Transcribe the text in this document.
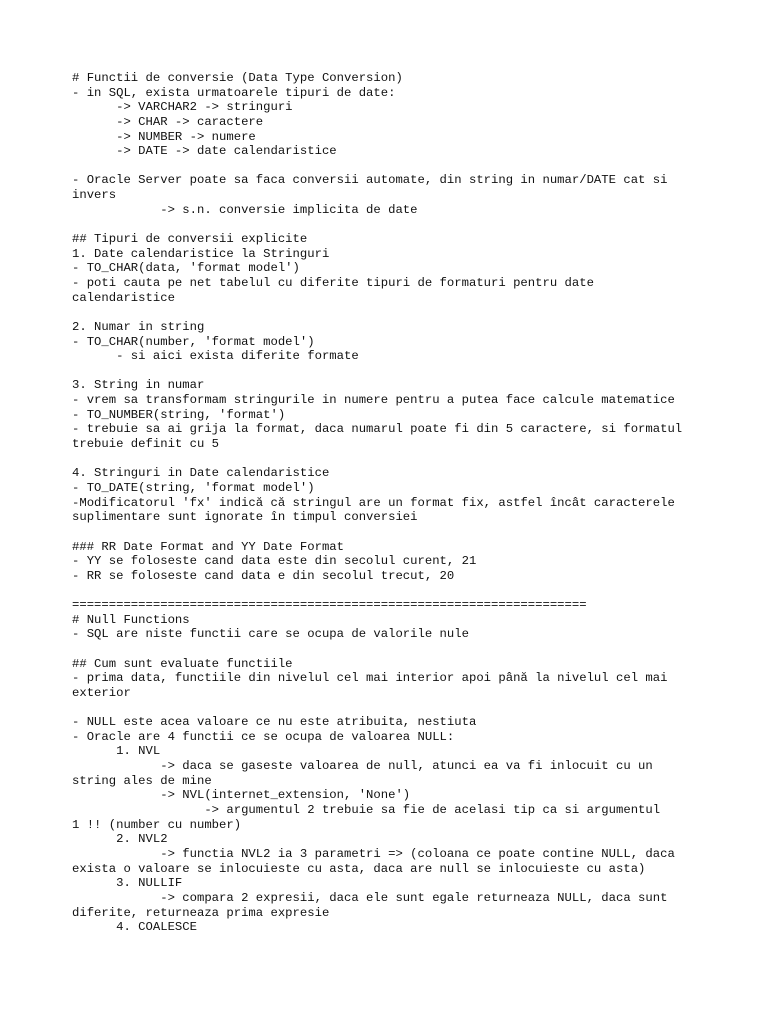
# Functii de conversie (Data Type Conversion)
- in SQL, exista urmatoarele tipuri de date:
-> VARCHAR2 -> stringuri
-> CHAR -> caractere
-> NUMBER -> numere
-> DATE -> date calendaristice
- Oracle Server poate sa faca conversii automate, din string in numar/DATE cat si
invers
-> s.n. conversie implicita de date
## Tipuri de conversii explicite
1. Date calendaristice la Stringuri
- TO_CHAR(data, 'format model')
- poti cauta pe net tabelul cu diferite tipuri de formaturi pentru date
calendaristice
2. Numar in string
- TO_CHAR(number, 'format model')
- si aici exista diferite formate
3. String in numar
- vrem sa transformam stringurile in numere pentru a putea face calcule matematice
- TO_NUMBER(string, 'format')
- trebuie sa ai grija la format, daca numarul poate fi din 5 caractere, si formatul
trebuie definit cu 5
4. Stringuri in Date calendaristice
- TO_DATE(string, 'format model')
-Modificatorul 'fx' indică că stringul are un format fix, astfel încât caracterele
suplimentare sunt ignorate în timpul conversiei
### RR Date Format and YY Date Format
- YY se foloseste cand data este din secolul curent, 21
- RR se foloseste cand data e din secolul trecut, 20
======================================================================
# Null Functions
- SQL are niste functii care se ocupa de valorile nule
## Cum sunt evaluate functiile
- prima data, functiile din nivelul cel mai interior apoi până la nivelul cel mai
exterior
- NULL este acea valoare ce nu este atribuita, nestiuta
- Oracle are 4 functii ce se ocupa de valoarea NULL:
1. NVL
-> daca se gaseste valoarea de null, atunci ea va fi inlocuit cu un
string ales de mine
-> NVL(internet_extension, 'None')
-> argumentul 2 trebuie sa fie de acelasi tip ca si argumentul
1 !! (number cu number)
2. NVL2
-> functia NVL2 ia 3 parametri => (coloana ce poate contine NULL, daca
exista o valoare se inlocuieste cu asta, daca are null se inlocuieste cu asta)
3. NULLIF
-> compara 2 expresii, daca ele sunt egale returneaza NULL, daca sunt
diferite, returneaza prima expresie
4. COALESCE
